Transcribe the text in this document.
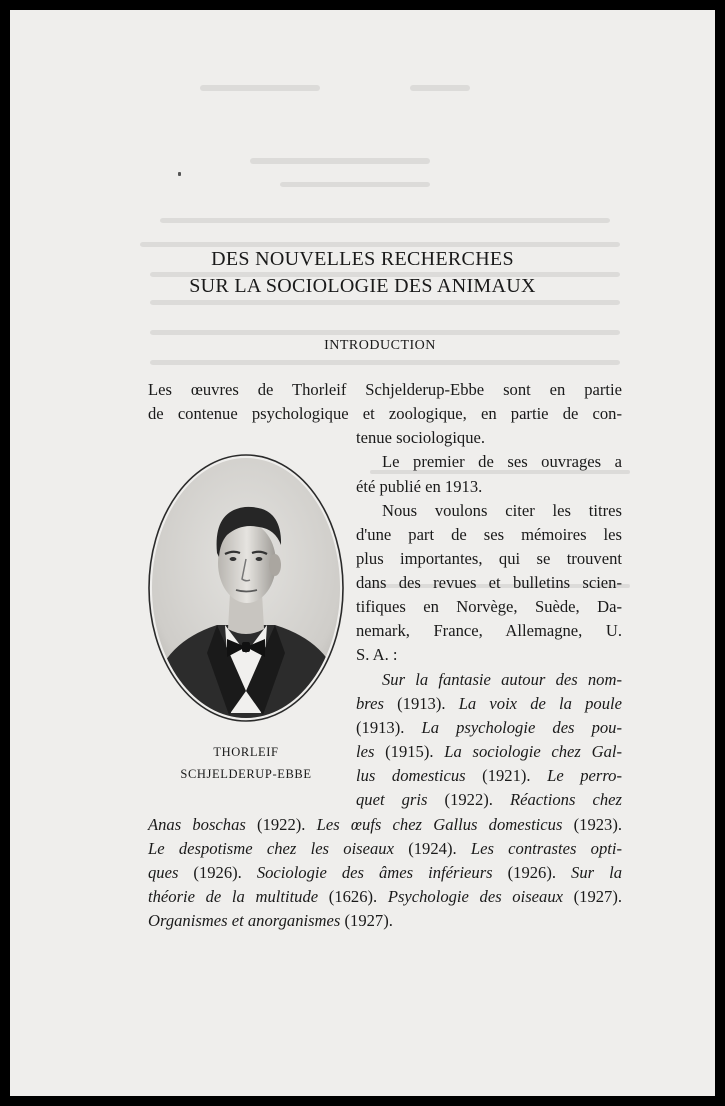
DES NOUVELLES RECHERCHES
SUR LA SOCIOLOGIE DES ANIMAUX
INTRODUCTION
Les œuvres de Thorleif Schjelderup-Ebbe sont en partie
de contenue psychologique et zoologique, en partie de con-
tenue sociologique.
Le premier de ses ouvrages a
été publié en 1913.
Nous voulons citer les titres
d'une part de ses mémoires les
plus importantes, qui se trouvent
dans des revues et bulletins scien-
tifiques en Norvège, Suède, Da-
nemark, France, Allemagne, U.
S. A. :
Sur la fantasie autour des nom-
bres (1913). La voix de la poule
(1913). La psychologie des pou-
les (1915). La sociologie chez Gal-
lus domesticus (1921). Le perro-
quet gris (1922). Réactions chez
Anas boschas (1922). Les œufs chez Gallus domesticus (1923).
Le despotisme chez les oiseaux (1924). Les contrastes opti-
ques (1926). Sociologie des âmes inférieurs (1926). Sur la
théorie de la multitude (1626). Psychologie des oiseaux (1927).
Organismes et anorganismes (1927).
THORLEIF
SCHJELDERUP-EBBE
